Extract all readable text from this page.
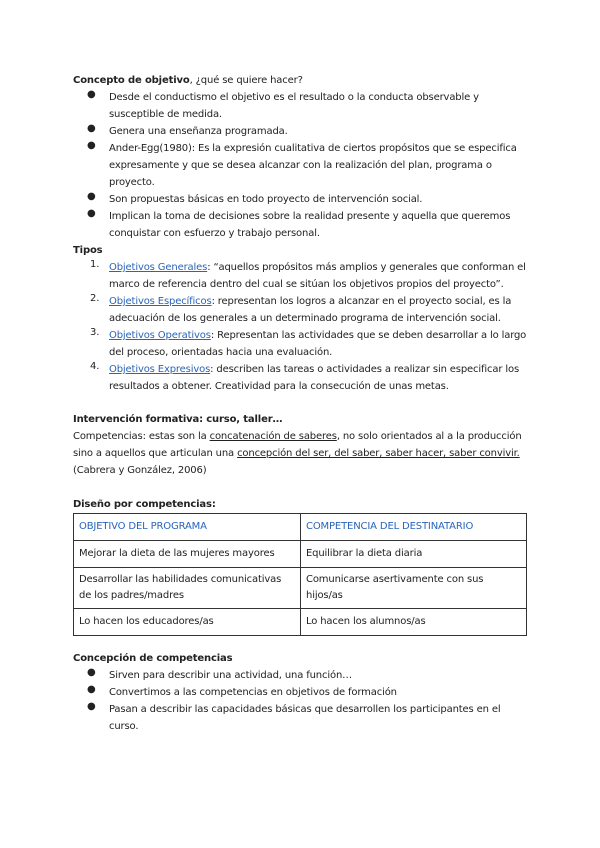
Concepto de objetivo, ¿qué se quiere hacer?
●	Desde el conductismo el objetivo es el resultado o la conducta observable y
susceptible de medida.
●	Genera una enseñanza programada.
●	Ander-Egg(1980): Es la expresión cualitativa de ciertos propósitos que se especifica
expresamente y que se desea alcanzar con la realización del plan, programa o
proyecto.
●	Son propuestas básicas en todo proyecto de intervención social.
●	Implican la toma de decisiones sobre la realidad presente y aquella que queremos
conquistar con esfuerzo y trabajo personal.
Tipos
1. Objetivos Generales: “aquellos propósitos más amplios y generales que conforman el
marco de referencia dentro del cual se sitúan los objetivos propios del proyecto”.
2. Objetivos Específicos: representan los logros a alcanzar en el proyecto social, es la
adecuación de los generales a un determinado programa de intervención social.
3. Objetivos Operativos: Representan las actividades que se deben desarrollar a lo largo
del proceso, orientadas hacia una evaluación.
4. Objetivos Expresivos: describen las tareas o actividades a realizar sin especificar los
resultados a obtener. Creatividad para la consecución de unas metas.
Intervención formativa: curso, taller…
Competencias: estas son la concatenación de saberes, no solo orientados al a la producción
sino a aquellos que articulan una concepción del ser, del saber, saber hacer, saber convivir.
(Cabrera y González, 2006)
Diseño por competencias:
OBJETIVO DEL PROGRAMA	COMPETENCIA DEL DESTINATARIO
Mejorar la dieta de las mujeres mayores	Equilibrar la dieta diaria
Desarrollar las habilidades comunicativas
de los padres/madres	Comunicarse asertivamente con sus
hijos/as
Lo hacen los educadores/as	Lo hacen los alumnos/as
Concepción de competencias
●	Sirven para describir una actividad, una función…
●	Convertimos a las competencias en objetivos de formación
●	Pasan a describir las capacidades básicas que desarrollen los participantes en el
curso.
